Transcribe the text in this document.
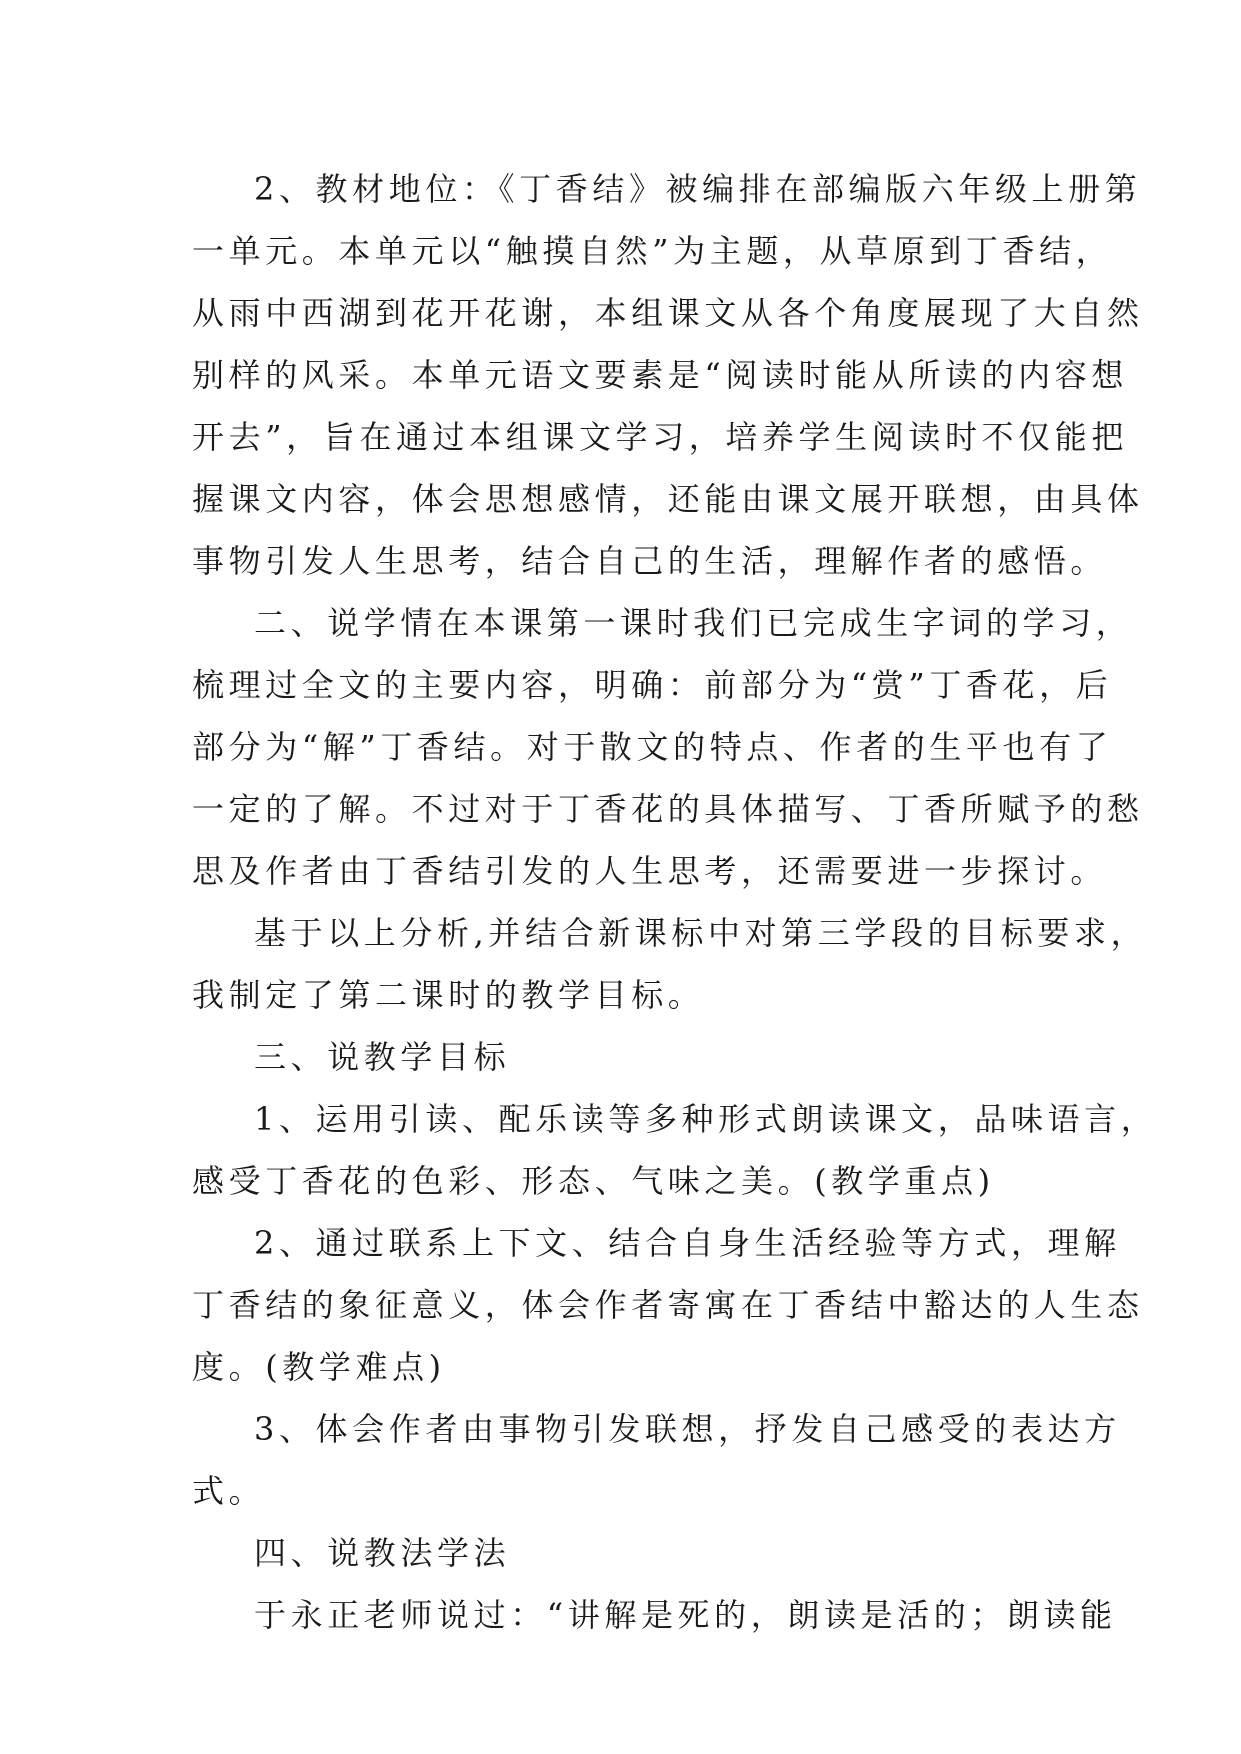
2、教材地位：《丁香结》被编排在部编版六年级上册第
一单元。本单元以“触摸自然”为主题，从草原到丁香结，
从雨中西湖到花开花谢，本组课文从各个角度展现了大自然
别样的风采。本单元语文要素是“阅读时能从所读的内容想
开去”，旨在通过本组课文学习，培养学生阅读时不仅能把
握课文内容，体会思想感情，还能由课文展开联想，由具体
事物引发人生思考，结合自己的生活，理解作者的感悟。
二、说学情在本课第一课时我们已完成生字词的学习，
梳理过全文的主要内容，明确：前部分为“赏”丁香花，后
部分为“解”丁香结。对于散文的特点、作者的生平也有了
一定的了解。不过对于丁香花的具体描写、丁香所赋予的愁
思及作者由丁香结引发的人生思考，还需要进一步探讨。
基于以上分析,并结合新课标中对第三学段的目标要求，
我制定了第二课时的教学目标。
三、说教学目标
1、运用引读、配乐读等多种形式朗读课文，品味语言，
感受丁香花的色彩、形态、气味之美。(教学重点)
2、通过联系上下文、结合自身生活经验等方式，理解
丁香结的象征意义，体会作者寄寓在丁香结中豁达的人生态
度。(教学难点)
3、体会作者由事物引发联想，抒发自己感受的表达方
式。
四、说教法学法
于永正老师说过：“讲解是死的，朗读是活的；朗读能
